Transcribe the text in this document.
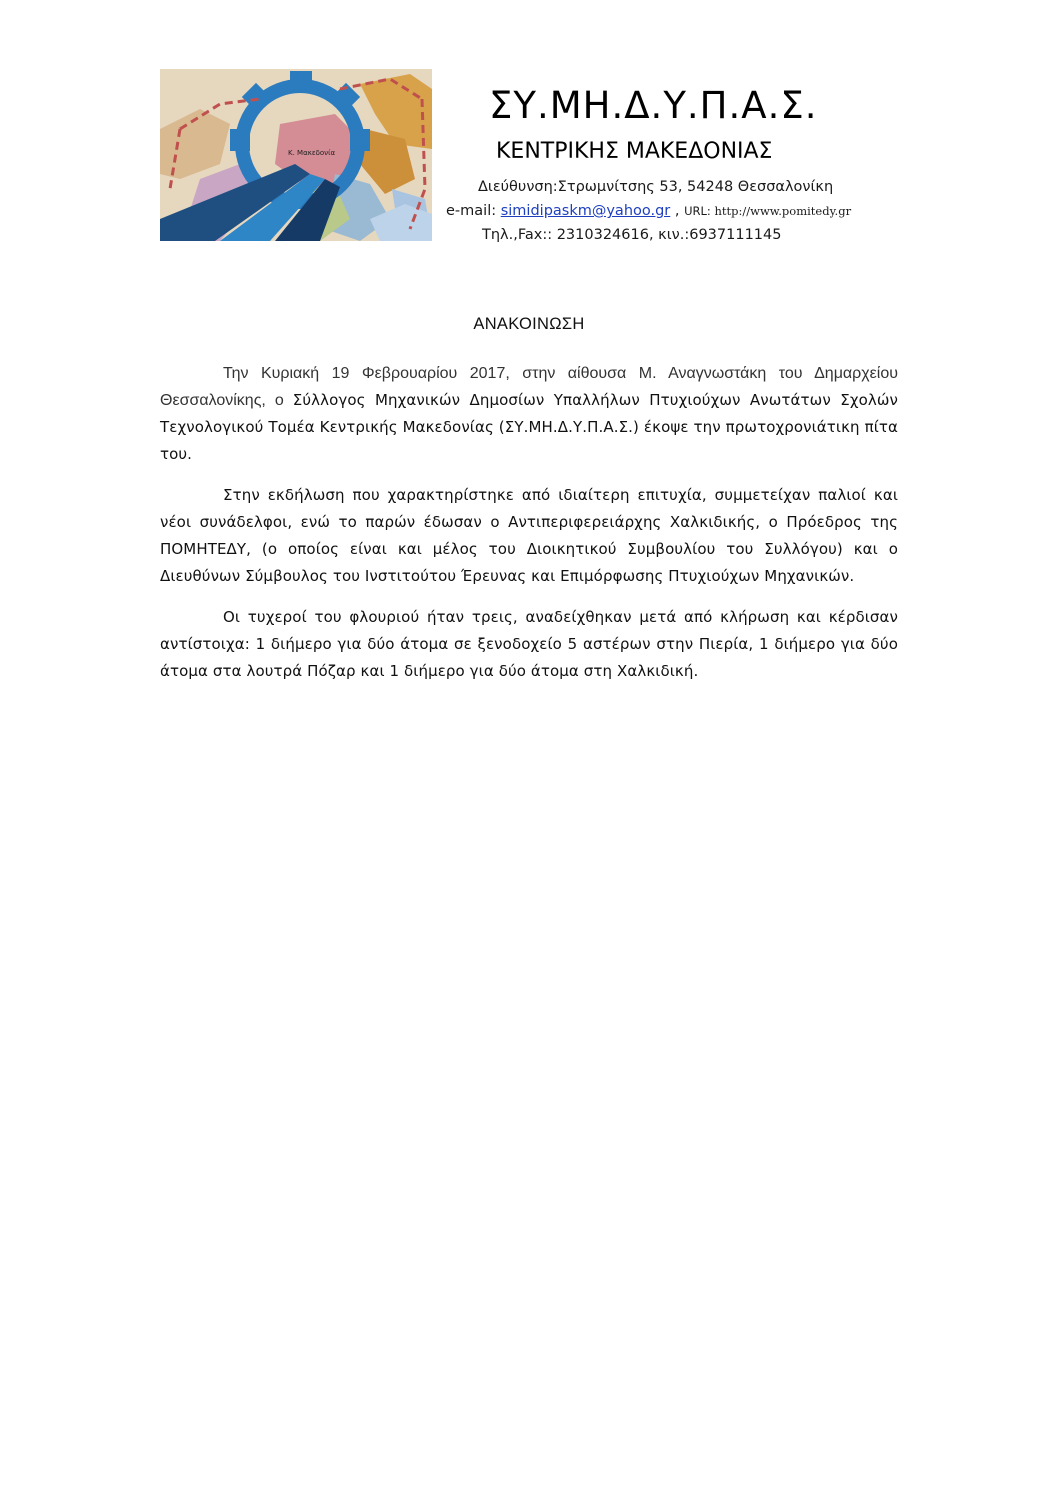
Κ. Μακεδονία
ΣΥ.ΜΗ.Δ.Υ.Π.Α.Σ.
ΚΕΝΤΡΙΚΗΣ ΜΑΚΕΔΟΝΙΑΣ
Διεύθυνση:Στρωμνίτσης 53, 54248 Θεσσαλονίκη
e-mail: simidipaskm@yahoo.gr , URL: http://www.pomitedy.gr
Τηλ.,Fax:: 2310324616, κιν.:6937111145
ΑΝΑΚΟΙΝΩΣΗ

Την Κυριακή 19 Φεβρουαρίου 2017, στην αίθουσα Μ. Αναγνωστάκη του Δημαρχείου Θεσσαλονίκης, ο Σύλλογος Μηχανικών Δημοσίων Υπαλλήλων Πτυχιούχων Ανωτάτων Σχολών Τεχνολογικού Τομέα Κεντρικής Μακεδονίας (ΣΥ.ΜΗ.Δ.Υ.Π.Α.Σ.) έκοψε την πρωτοχρονιάτικη πίτα του.

Στην εκδήλωση που χαρακτηρίστηκε από ιδιαίτερη επιτυχία, συμμετείχαν παλιοί και νέοι συνάδελφοι, ενώ το παρών έδωσαν ο Αντιπεριφερειάρχης Χαλκιδικής, ο Πρόεδρος της ΠΟΜΗΤΕΔΥ, (ο οποίος είναι και μέλος του Διοικητικού Συμβουλίου του Συλλόγου) και ο Διευθύνων Σύμβουλος του Ινστιτούτου Έρευνας και Επιμόρφωσης Πτυχιούχων Μηχανικών.

Οι τυχεροί του φλουριού ήταν τρεις, αναδείχθηκαν μετά από κλήρωση και κέρδισαν αντίστοιχα: 1 διήμερο για δύο άτομα σε ξενοδοχείο 5 αστέρων στην Πιερία, 1 διήμερο για δύο άτομα στα λουτρά Πόζαρ και 1 διήμερο για δύο άτομα στη Χαλκιδική.
